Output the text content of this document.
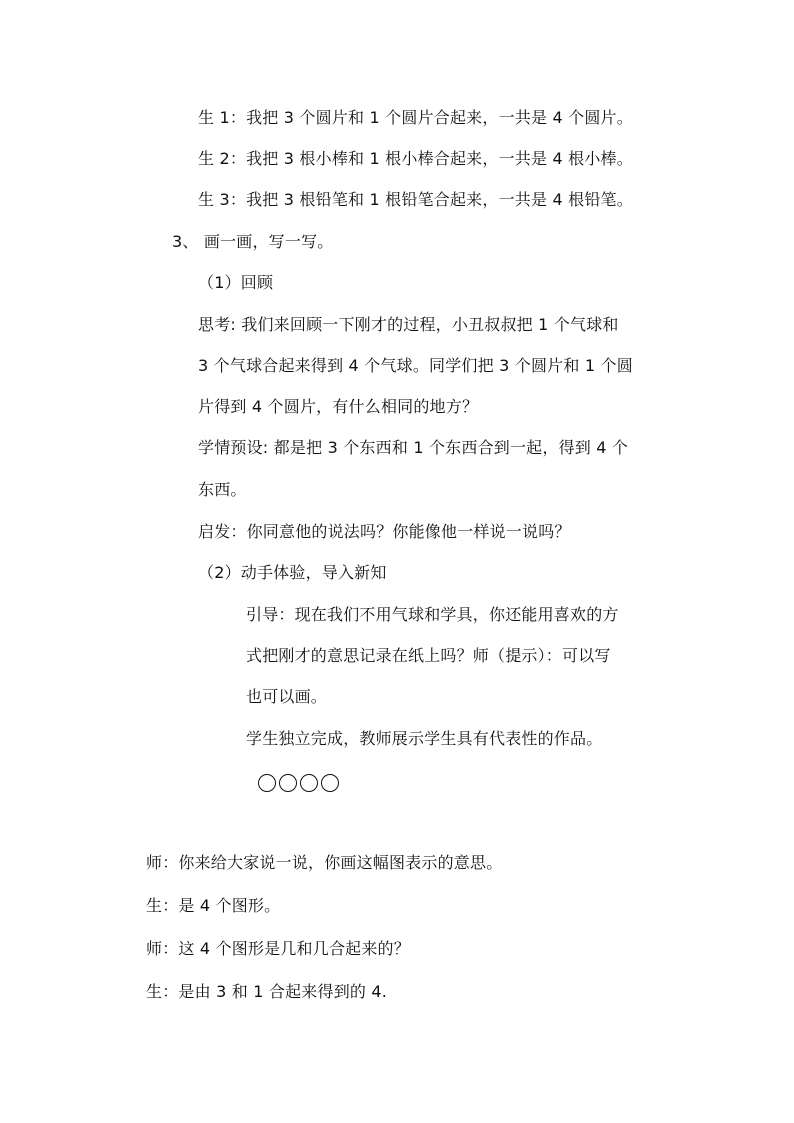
生 1：我把 3 个圆片和 1 个圆片合起来，一共是 4 个圆片。
生 2：我把 3 根小棒和 1 根小棒合起来，一共是 4 根小棒。
生 3：我把 3 根铅笔和 1 根铅笔合起来，一共是 4 根铅笔。
3、 画一画，写一写。
（1）回顾
思考: 我们来回顾一下刚才的过程，小丑叔叔把 1 个气球和
3 个气球合起来得到 4 个气球。同学们把 3 个圆片和 1 个圆
片得到 4 个圆片，有什么相同的地方？
学情预设: 都是把 3 个东西和 1 个东西合到一起，得到 4 个
东西。
启发：你同意他的说法吗？你能像他一样说一说吗？
（2）动手体验，导入新知
引导：现在我们不用气球和学具，你还能用喜欢的方
式把刚才的意思记录在纸上吗？师（提示）：可以写
也可以画。
学生独立完成，教师展示学生具有代表性的作品。
师：你来给大家说一说，你画这幅图表示的意思。
生：是 4 个图形。
师：这 4 个图形是几和几合起来的？
生：是由 3 和 1 合起来得到的 4.
